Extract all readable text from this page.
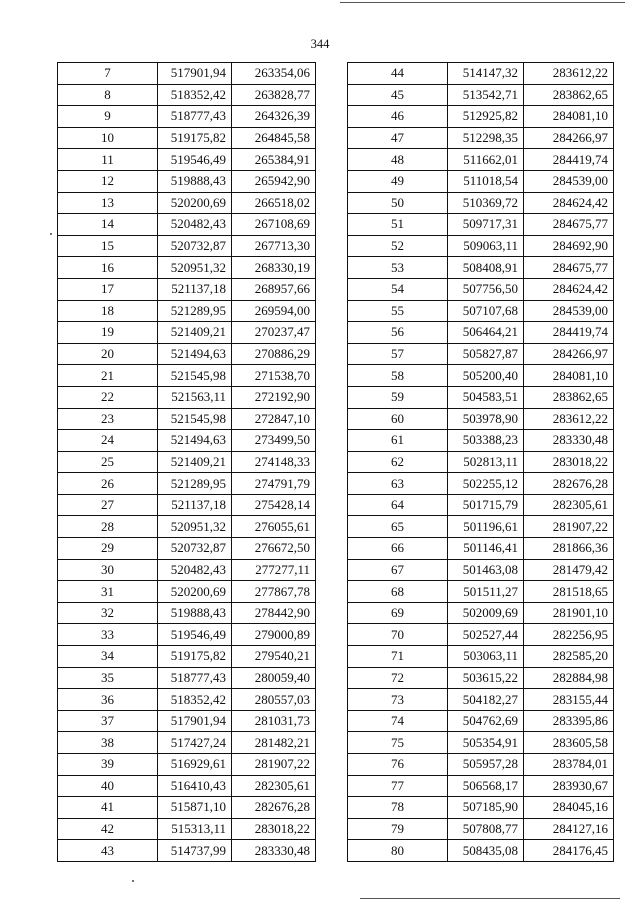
344
7	517901,94	263354,06
8	518352,42	263828,77
9	518777,43	264326,39
10	519175,82	264845,58
11	519546,49	265384,91
12	519888,43	265942,90
13	520200,69	266518,02
14	520482,43	267108,69
15	520732,87	267713,30
16	520951,32	268330,19
17	521137,18	268957,66
18	521289,95	269594,00
19	521409,21	270237,47
20	521494,63	270886,29
21	521545,98	271538,70
22	521563,11	272192,90
23	521545,98	272847,10
24	521494,63	273499,50
25	521409,21	274148,33
26	521289,95	274791,79
27	521137,18	275428,14
28	520951,32	276055,61
29	520732,87	276672,50
30	520482,43	277277,11
31	520200,69	277867,78
32	519888,43	278442,90
33	519546,49	279000,89
34	519175,82	279540,21
35	518777,43	280059,40
36	518352,42	280557,03
37	517901,94	281031,73
38	517427,24	281482,21
39	516929,61	281907,22
40	516410,43	282305,61
41	515871,10	282676,28
42	515313,11	283018,22
43	514737,99	283330,48
44	514147,32	283612,22
45	513542,71	283862,65
46	512925,82	284081,10
47	512298,35	284266,97
48	511662,01	284419,74
49	511018,54	284539,00
50	510369,72	284624,42
51	509717,31	284675,77
52	509063,11	284692,90
53	508408,91	284675,77
54	507756,50	284624,42
55	507107,68	284539,00
56	506464,21	284419,74
57	505827,87	284266,97
58	505200,40	284081,10
59	504583,51	283862,65
60	503978,90	283612,22
61	503388,23	283330,48
62	502813,11	283018,22
63	502255,12	282676,28
64	501715,79	282305,61
65	501196,61	281907,22
66	501146,41	281866,36
67	501463,08	281479,42
68	501511,27	281518,65
69	502009,69	281901,10
70	502527,44	282256,95
71	503063,11	282585,20
72	503615,22	282884,98
73	504182,27	283155,44
74	504762,69	283395,86
75	505354,91	283605,58
76	505957,28	283784,01
77	506568,17	283930,67
78	507185,90	284045,16
79	507808,77	284127,16
80	508435,08	284176,45
